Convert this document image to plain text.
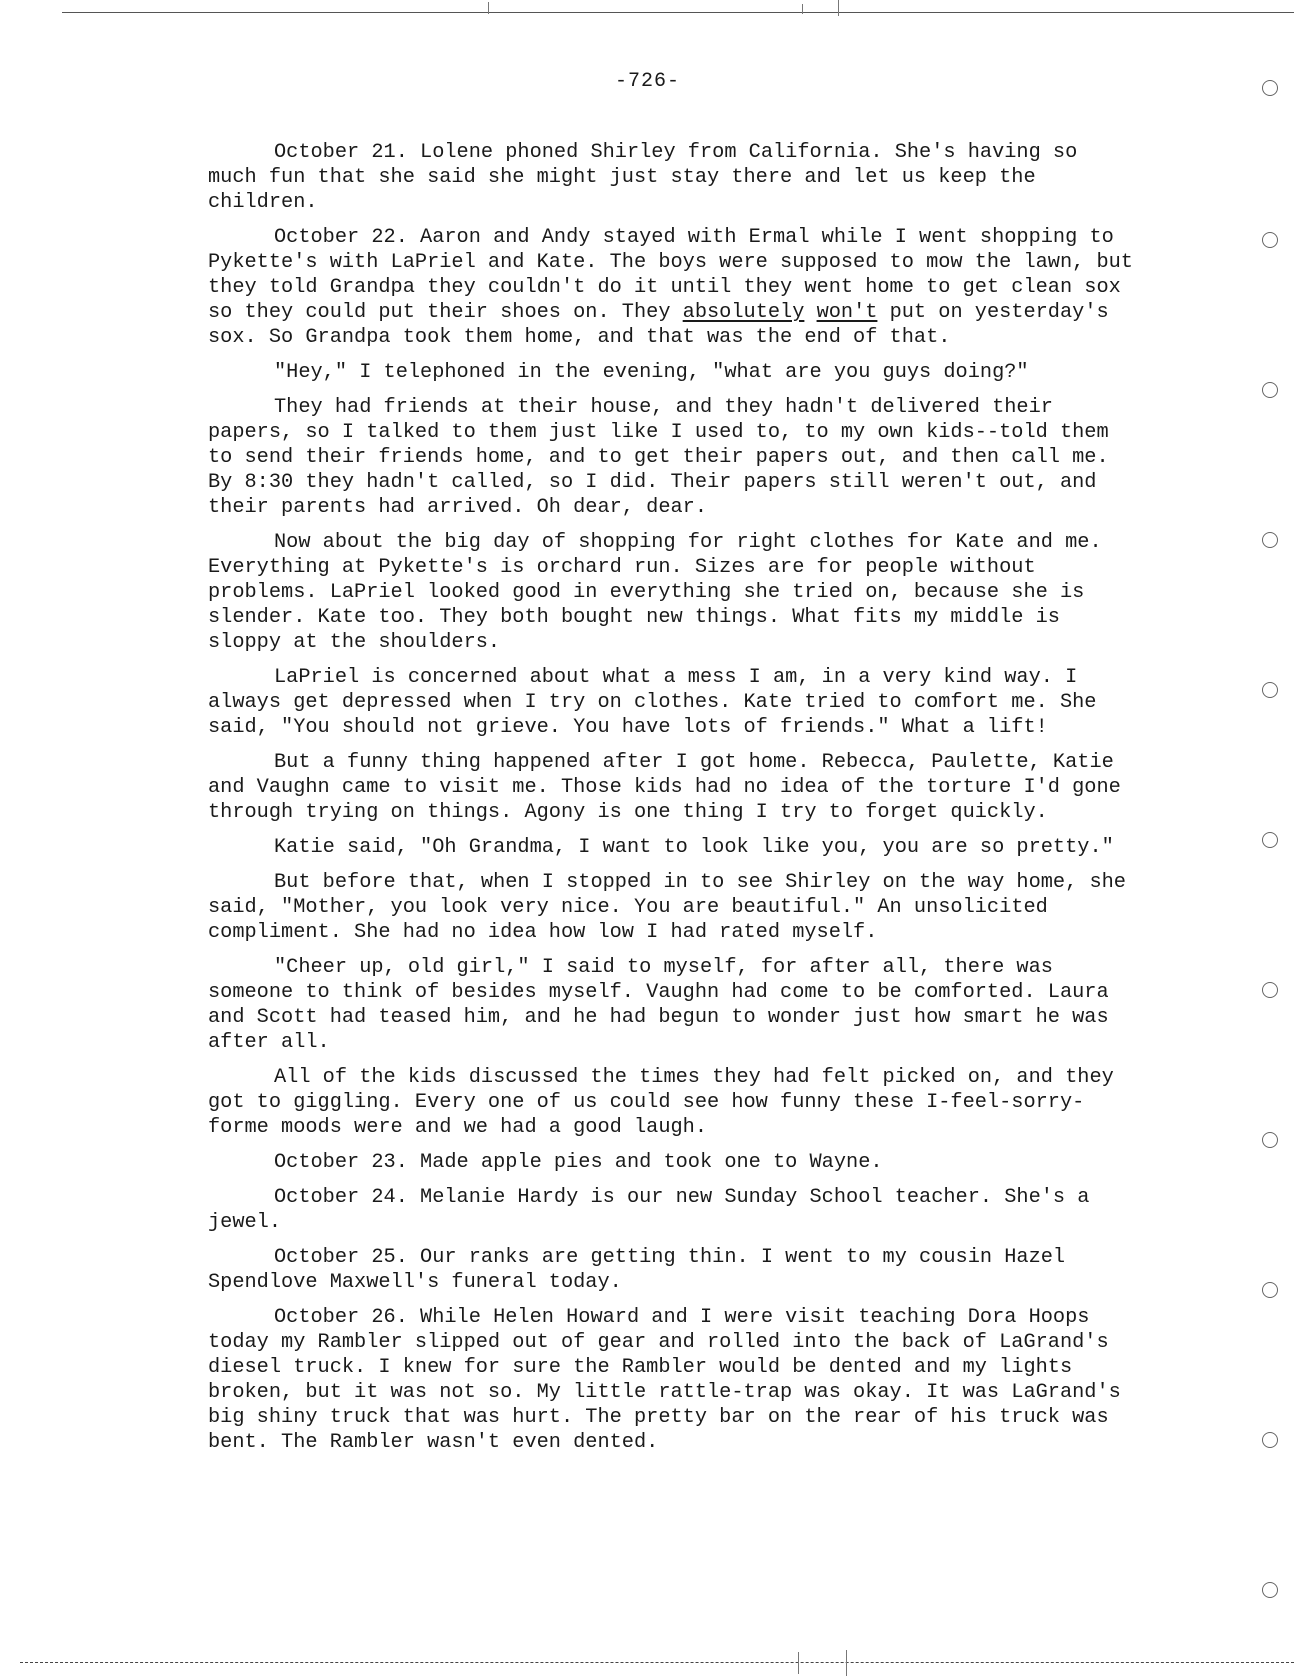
-726-

October 21. Lolene phoned Shirley from California. She's having so much fun that she said she might just stay there and let us keep the children.

October 22. Aaron and Andy stayed with Ermal while I went shopping to Pykette's with LaPriel and Kate. The boys were supposed to mow the lawn, but they told Grandpa they couldn't do it until they went home to get clean sox so they could put their shoes on. They absolutely won't put on yesterday's sox. So Grandpa took them home, and that was the end of that.

"Hey," I telephoned in the evening, "what are you guys doing?"

They had friends at their house, and they hadn't delivered their papers, so I talked to them just like I used to, to my own kids--told them to send their friends home, and to get their papers out, and then call me. By 8:30 they hadn't called, so I did. Their papers still weren't out, and their parents had arrived. Oh dear, dear.

Now about the big day of shopping for right clothes for Kate and me. Everything at Pykette's is orchard run. Sizes are for people without problems. LaPriel looked good in everything she tried on, because she is slender. Kate too. They both bought new things. What fits my middle is sloppy at the shoulders.

LaPriel is concerned about what a mess I am, in a very kind way. I always get depressed when I try on clothes. Kate tried to comfort me. She said, "You should not grieve. You have lots of friends." What a lift!

But a funny thing happened after I got home. Rebecca, Paulette, Katie and Vaughn came to visit me. Those kids had no idea of the torture I'd gone through trying on things. Agony is one thing I try to forget quickly.

Katie said, "Oh Grandma, I want to look like you, you are so pretty."

But before that, when I stopped in to see Shirley on the way home, she said, "Mother, you look very nice. You are beautiful." An unsolicited compliment. She had no idea how low I had rated myself.

"Cheer up, old girl," I said to myself, for after all, there was someone to think of besides myself. Vaughn had come to be comforted. Laura and Scott had teased him, and he had begun to wonder just how smart he was after all.

All of the kids discussed the times they had felt picked on, and they got to giggling. Every one of us could see how funny these I-feel-sorry-forme moods were and we had a good laugh.

October 23. Made apple pies and took one to Wayne.

October 24. Melanie Hardy is our new Sunday School teacher. She's a jewel.

October 25. Our ranks are getting thin. I went to my cousin Hazel Spendlove Maxwell's funeral today.

October 26. While Helen Howard and I were visit teaching Dora Hoops today my Rambler slipped out of gear and rolled into the back of LaGrand's diesel truck. I knew for sure the Rambler would be dented and my lights broken, but it was not so. My little rattle-trap was okay. It was LaGrand's big shiny truck that was hurt. The pretty bar on the rear of his truck was bent. The Rambler wasn't even dented.
